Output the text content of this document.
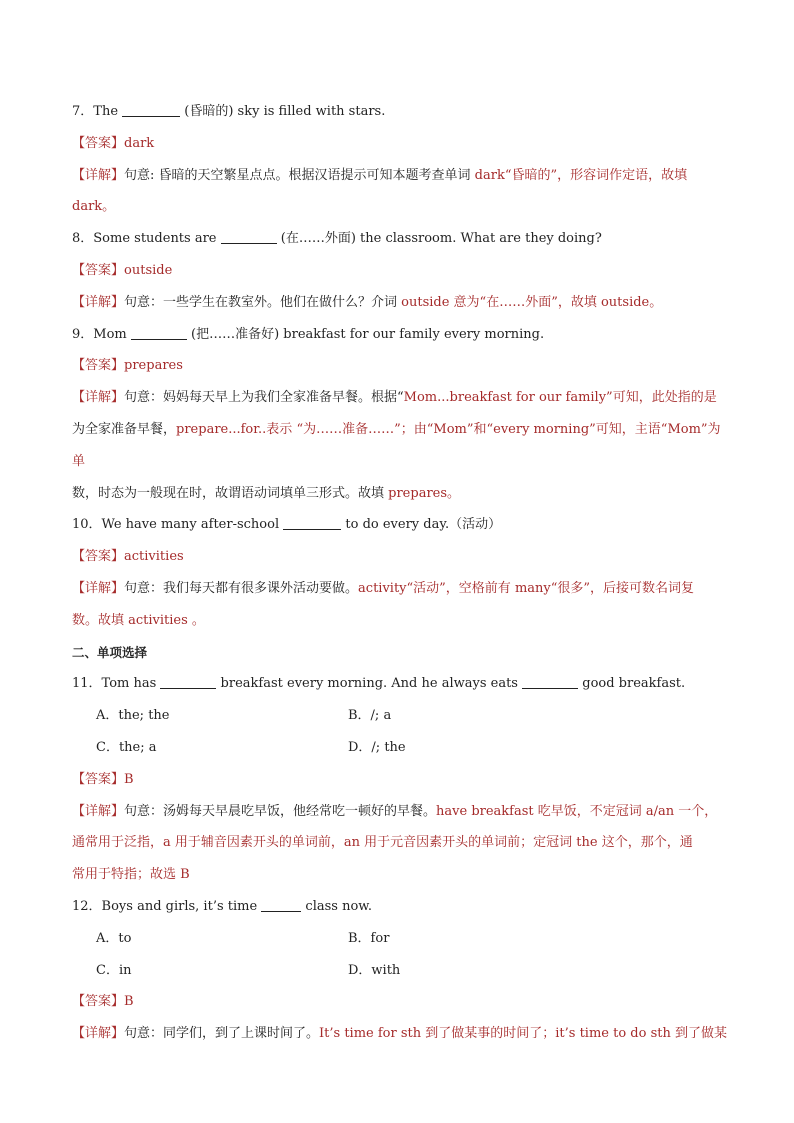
7．The	(昏暗的) sky is filled with stars.
【答案】dark
【详解】句意: 昏暗的天空繁星点点。根据汉语提示可知本题考查单词 dark“昏暗的”，形容词作定语，故填
dark。
8．Some students are	(在……外面) the classroom. What are they doing?
【答案】outside
【详解】句意：一些学生在教室外。他们在做什么？介词 outside 意为“在……外面”，故填 outside。
9．Mom	(把……准备好) breakfast for our family every morning.
【答案】prepares
【详解】句意：妈妈每天早上为我们全家准备早餐。根据“Mom...breakfast for our family”可知，此处指的是
为全家准备早餐，prepare...for..表示 “为……准备……”；由“Mom”和“every morning”可知，主语“Mom”为单
数，时态为一般现在时，故谓语动词填单三形式。故填 prepares。
10．We have many after-school	to do every day.（活动）
【答案】activities
【详解】句意：我们每天都有很多课外活动要做。activity“活动”，空格前有 many“很多”，后接可数名词复
数。故填 activities 。
二、单项选择
11．Tom has	breakfast every morning. And he always eats	good breakfast.
A．the; the	B．/; a
C．the; a	D．/; the
【答案】B
【详解】句意：汤姆每天早晨吃早饭，他经常吃一顿好的早餐。have breakfast 吃早饭，不定冠词 a/an 一个，
通常用于泛指，a 用于辅音因素开头的单词前，an 用于元音因素开头的单词前；定冠词 the 这个，那个，通
常用于特指；故选 B
12．Boys and girls, it’s time	class now.
A．to	B．for
C．in	D．with
【答案】B
【详解】句意：同学们，到了上课时间了。It’s time for sth 到了做某事的时间了；it’s time to do sth 到了做某
